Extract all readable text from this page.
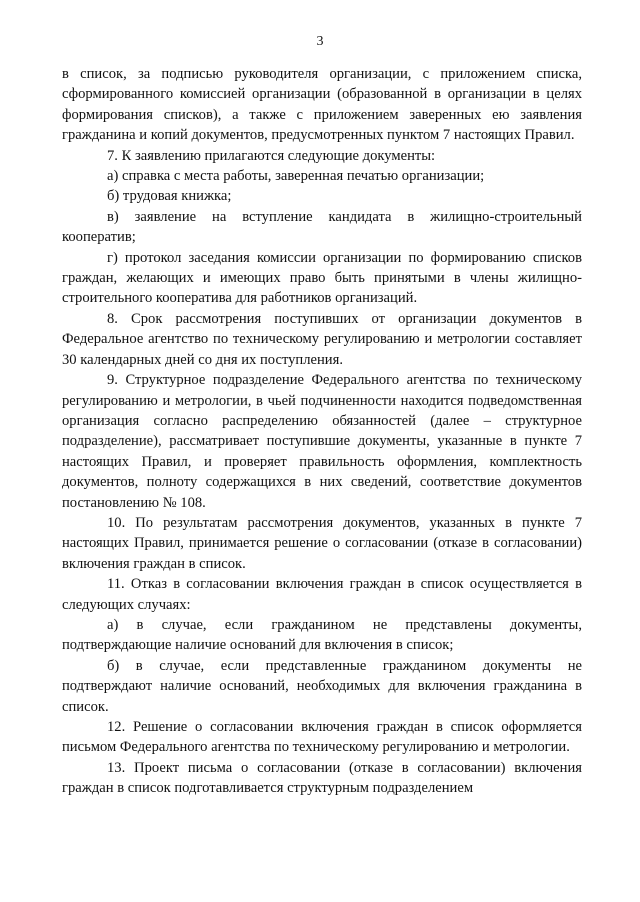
3

в список, за подписью руководителя организации, с приложением списка, сформированного комиссией организации (образованной в организации в целях формирования списков), а также с приложением заверенных ею заявления гражданина и копий документов, предусмотренных пунктом 7 настоящих Правил.

7. К заявлению прилагаются следующие документы:

а) справка с места работы, заверенная печатью организации;

б) трудовая книжка;

в) заявление на вступление кандидата в жилищно-строительный кооператив;

г) протокол заседания комиссии организации по формированию списков граждан, желающих и имеющих право быть принятыми в члены жилищно-строительного кооператива для работников организаций.

8. Срок рассмотрения поступивших от организации документов в Федеральное агентство по техническому регулированию и метрологии составляет 30 календарных дней со дня их поступления.

9. Структурное подразделение Федерального агентства по техническому регулированию и метрологии, в чьей подчиненности находится подведомственная организация согласно распределению обязанностей (далее – структурное подразделение), рассматривает поступившие документы, указанные в пункте 7 настоящих Правил, и проверяет правильность оформления, комплектность документов, полноту содержащихся в них сведений, соответствие документов постановлению № 108.

10. По результатам рассмотрения документов, указанных в пункте 7 настоящих Правил, принимается решение о согласовании (отказе в согласовании) включения граждан в список.

11. Отказ в согласовании включения граждан в список осуществляется в следующих случаях:

а) в случае, если гражданином не представлены документы, подтверждающие наличие оснований для включения в список;

б) в случае, если представленные гражданином документы не подтверждают наличие оснований, необходимых для включения гражданина в список.

12. Решение о согласовании включения граждан в список оформляется письмом Федерального агентства по техническому регулированию и метрологии.

13. Проект письма о согласовании (отказе в согласовании) включения граждан в список подготавливается структурным подразделением
